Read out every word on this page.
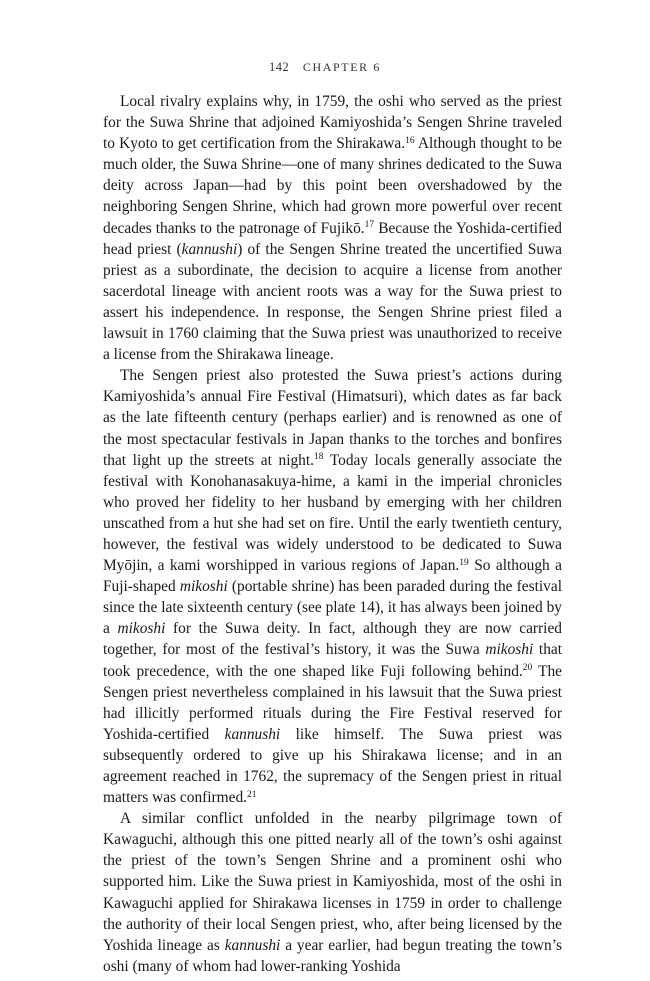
142 CHAPTER 6

Local rivalry explains why, in 1759, the oshi who served as the priest for the Suwa Shrine that adjoined Kamiyoshida’s Sengen Shrine traveled to Kyoto to get certification from the Shirakawa.$^{16}$ Although thought to be much older, the Suwa Shrine—one of many shrines dedicated to the Suwa deity across Japan—had by this point been overshadowed by the neighboring Sengen Shrine, which had grown more powerful over recent decades thanks to the patronage of Fujikō.$^{17}$ Because the Yoshida-certified head priest (kannushi) of the Sengen Shrine treated the uncertified Suwa priest as a subordinate, the decision to acquire a license from another sacerdotal lineage with ancient roots was a way for the Suwa priest to assert his independence. In response, the Sengen Shrine priest filed a lawsuit in 1760 claiming that the Suwa priest was unauthorized to receive a license from the Shirakawa lineage.

The Sengen priest also protested the Suwa priest’s actions during Kamiyoshida’s annual Fire Festival (Himatsuri), which dates as far back as the late fifteenth century (perhaps earlier) and is renowned as one of the most spectacular festivals in Japan thanks to the torches and bonfires that light up the streets at night.$^{18}$ Today locals generally associate the festival with Konohanasakuya-hime, a kami in the imperial chronicles who proved her fidelity to her husband by emerging with her children unscathed from a hut she had set on fire. Until the early twentieth century, however, the festival was widely understood to be dedicated to Suwa Myōjin, a kami worshipped in various regions of Japan.$^{19}$ So although a Fuji-shaped mikoshi (portable shrine) has been paraded during the festival since the late sixteenth century (see plate 14), it has always been joined by a mikoshi for the Suwa deity. In fact, although they are now carried together, for most of the festival’s history, it was the Suwa mikoshi that took precedence, with the one shaped like Fuji following behind.$^{20}$ The Sengen priest nevertheless complained in his lawsuit that the Suwa priest had illicitly performed rituals during the Fire Festival reserved for Yoshida-certified kannushi like himself. The Suwa priest was subsequently ordered to give up his Shirakawa license; and in an agreement reached in 1762, the supremacy of the Sengen priest in ritual matters was confirmed.$^{21}$

A similar conflict unfolded in the nearby pilgrimage town of Kawaguchi, although this one pitted nearly all of the town’s oshi against the priest of the town’s Sengen Shrine and a prominent oshi who supported him. Like the Suwa priest in Kamiyoshida, most of the oshi in Kawaguchi applied for Shirakawa licenses in 1759 in order to challenge the authority of their local Sengen priest, who, after being licensed by the Yoshida lineage as kannushi a year earlier, had begun treating the town’s oshi (many of whom had lower-ranking Yoshida
